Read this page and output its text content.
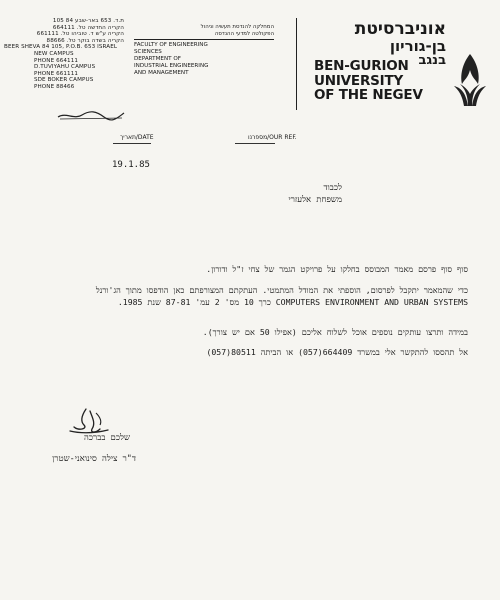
ת.ד. 653 באר-שבע 84 105
הקריה החדשה טל. 664111
הקריה ע"ש ד. טוביהו טל. 661111
הקריה בשדה בוקר טל. 88666
BEER SHEVA 84 105, P.O.B. 653 ISRAEL
NEW CAMPUS
PHONE 664111
D.TUVIYAHU CAMPUS
PHONE 661111
SDE BOKER CAMPUS
PHONE 88466
המחלקה להנדסת תעשיה וניהול
הפקולטה למדעי ההנדסה
FACULTY OF ENGINEERING
SCIENCES
DEPARTMENT OF
INDUSTRIAL ENGINEERING
AND MANAGEMENT
אוניברסיטת
בן-גוריון
בנגב
BEN-GURION
UNIVERSITY
OF THE NEGEV
תאריך/DATE	מספרנו/OUR REF.
19.1.85
לכבוד
משפחת אלעזרי
סוף סוף פרסם מאמר המבוסס בחלקו על פרויקט הגמר של צחי ז"ל ודורון.
כדי שהמאמר יתקבל לפרסום, הוספתי את המודל המתמטי. העתקתם המצורפתם כאן הודפסו מתוך הג'ורנל COMPUTERS ENVIRONMENT AND URBAN SYSTEMS כרך 10 מס' 2 עמ' 87-81 שנת 1985.
במידה ותרצו עותקים נוספים אוכל לשלוח אליכם (אפילו 50 אם יש צורך).
אל תהססו להתקשר אלי במשרד 664409(057) או הביתה 80511(057)
שלכם בברכה
ד"ר צילה סינואני-שטרן
